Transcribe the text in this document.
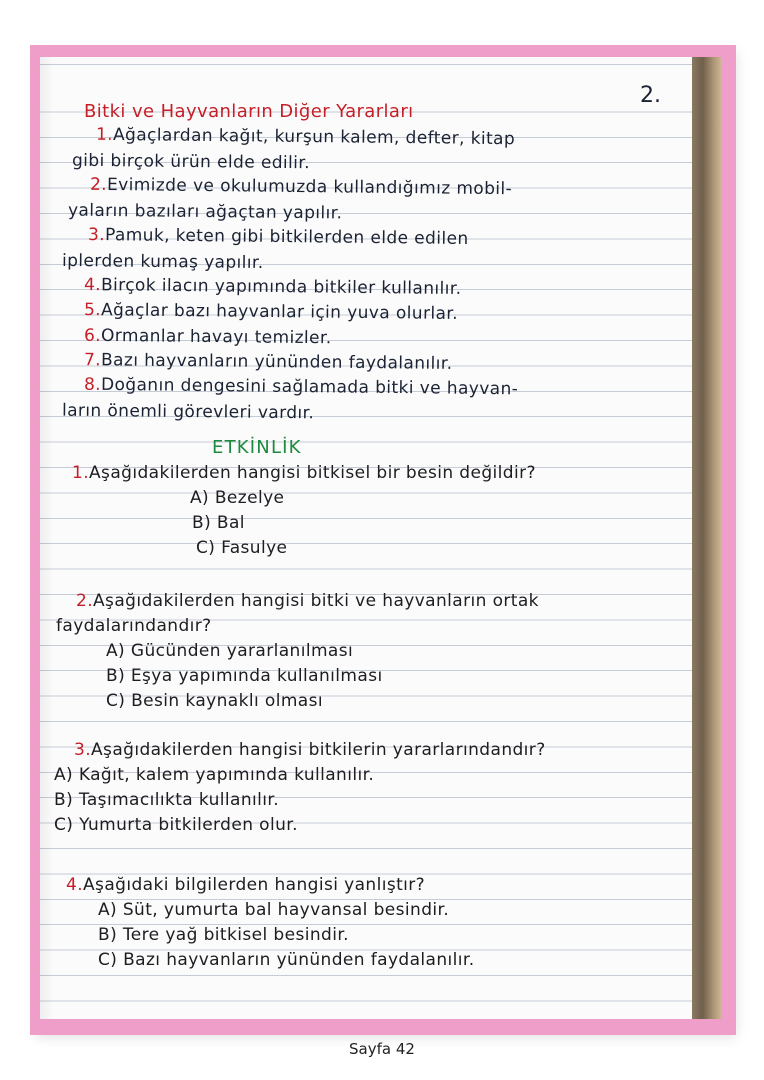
2.
Bitki ve Hayvanların Diğer Yararları
1.Ağaçlardan kağıt, kurşun kalem, defter, kitap
gibi birçok ürün elde edilir.
2.Evimizde ve okulumuzda kullandığımız mobil-
yaların bazıları ağaçtan yapılır.
3.Pamuk, keten gibi bitkilerden elde edilen
iplerden kumaş yapılır.
4.Birçok ilacın yapımında bitkiler kullanılır.
5.Ağaçlar bazı hayvanlar için yuva olurlar.
6.Ormanlar havayı temizler.
7.Bazı hayvanların yününden faydalanılır.
8.Doğanın dengesini sağlamada bitki ve hayvan-
ların önemli görevleri vardır.
ETKİNLİK
1.Aşağıdakilerden hangisi bitkisel bir besin değildir?
A) Bezelye
B) Bal
C) Fasulye
2.Aşağıdakilerden hangisi bitki ve hayvanların ortak
faydalarındandır?
A) Gücünden yararlanılması
B) Eşya yapımında kullanılması
C) Besin kaynaklı olması
3.Aşağıdakilerden hangisi bitkilerin yararlarındandır?
A) Kağıt, kalem yapımında kullanılır.
B) Taşımacılıkta kullanılır.
C) Yumurta bitkilerden olur.
4.Aşağıdaki bilgilerden hangisi yanlıştır?
A) Süt, yumurta bal hayvansal besindir.
B) Tere yağ bitkisel besindir.
C) Bazı hayvanların yününden faydalanılır.
Sayfa 42
